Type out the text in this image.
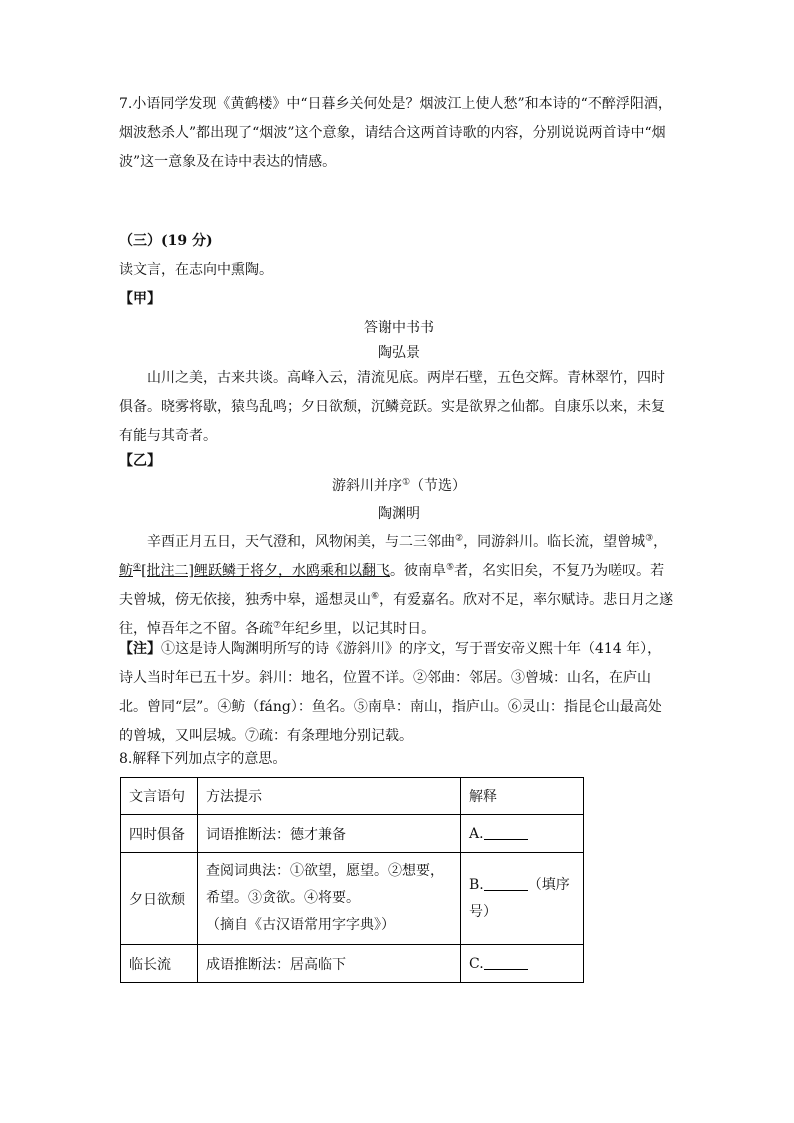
7.小语同学发现《黄鹤楼》中“日暮乡关何处是？烟波江上使人愁”和本诗的“不醉浮阳酒，烟波愁杀人”都出现了“烟波”这个意象，请结合这两首诗歌的内容，分别说说两首诗中“烟波”这一意象及在诗中表达的情感。
（三）(19 分)
读文言，在志向中熏陶。
【甲】
答谢中书书
陶弘景
山川之美，古来共谈。高峰入云，清流见底。两岸石壁，五色交辉。青林翠竹，四时俱备。晓雾将歇，猿鸟乱鸣；夕日欲颓，沉鳞竞跃。实是欲界之仙都。自康乐以来，未复有能与其奇者。
【乙】
游斜川并序①（节选）
陶渊明
辛酉正月五日，天气澄和，风物闲美，与二三邻曲②，同游斜川。临长流，望曾城③，鲂④[批注二]鲤跃鳞于将夕，水鸥乘和以翻飞。彼南阜⑤者，名实旧矣，不复乃为嗟叹。若夫曾城，傍无依接，独秀中皋，遥想灵山⑥，有爱嘉名。欣对不足，率尔赋诗。悲日月之遂往，悼吾年之不留。各疏⑦年纪乡里，以记其时日。
【注】①这是诗人陶渊明所写的诗《游斜川》的序文，写于晋安帝义熙十年（414 年），诗人当时年已五十岁。斜川：地名，位置不详。②邻曲：邻居。③曾城：山名，在庐山北。曾同“层”。④鲂（fáng）：鱼名。⑤南阜：南山，指庐山。⑥灵山：指昆仑山最高处的曾城，又叫层城。⑦疏：有条理地分别记载。
8.解释下列加点字的意思。
文言语句	方法提示	解释
四时俱备	词语推断法：德才兼备	A.
夕日欲颓	查阅词典法：①欲望，愿望。②想要，希望。③贪欲。④将要。
（摘自《古汉语常用字字典》）	B. （填序号）
临长流	成语推断法：居高临下	C.
